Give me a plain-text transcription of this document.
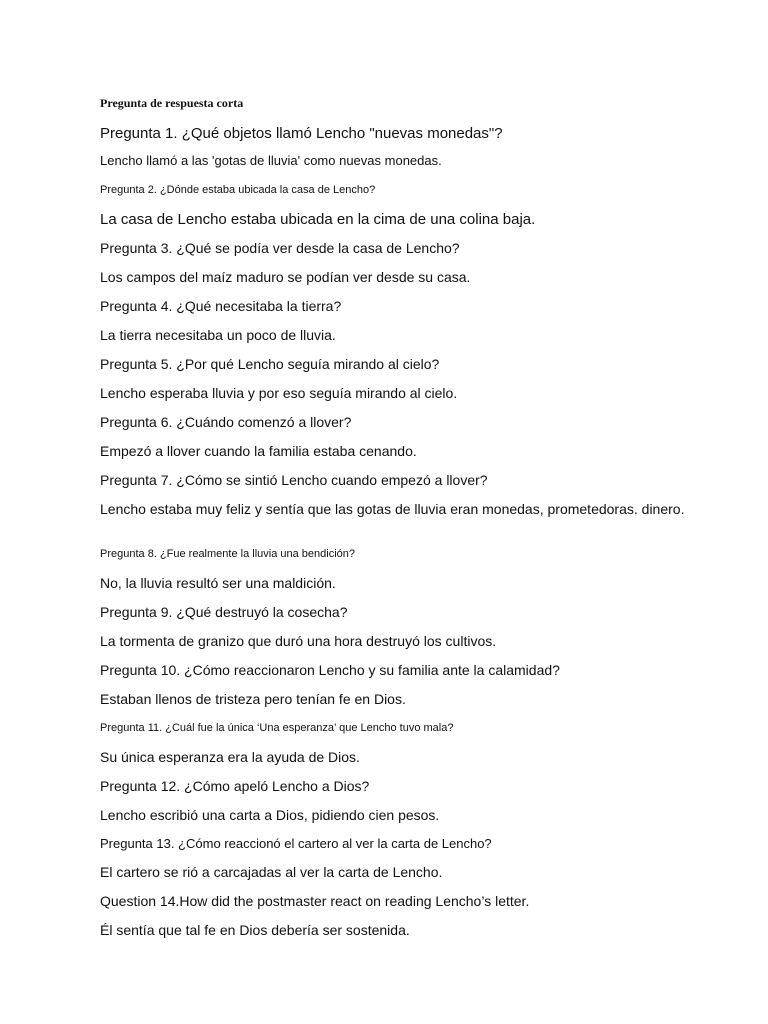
Pregunta de respuesta corta
Pregunta 1. ¿Qué objetos llamó Lencho "nuevas monedas"?
Lencho llamó a las 'gotas de lluvia' como nuevas monedas.
Pregunta 2. ¿Dónde estaba ubicada la casa de Lencho?
La casa de Lencho estaba ubicada en la cima de una colina baja.
Pregunta 3. ¿Qué se podía ver desde la casa de Lencho?
Los campos del maíz maduro se podían ver desde su casa.
Pregunta 4. ¿Qué necesitaba la tierra?
La tierra necesitaba un poco de lluvia.
Pregunta 5. ¿Por qué Lencho seguía mirando al cielo?
Lencho esperaba lluvia y por eso seguía mirando al cielo.
Pregunta 6. ¿Cuándo comenzó a llover?
Empezó a llover cuando la familia estaba cenando.
Pregunta 7. ¿Cómo se sintió Lencho cuando empezó a llover?
Lencho estaba muy feliz y sentía que las gotas de lluvia eran monedas, prometedoras. dinero.
Pregunta 8. ¿Fue realmente la lluvia una bendición?
No, la lluvia resultó ser una maldición.
Pregunta 9. ¿Qué destruyó la cosecha?
La tormenta de granizo que duró una hora destruyó los cultivos.
Pregunta 10. ¿Cómo reaccionaron Lencho y su familia ante la calamidad?
Estaban llenos de tristeza pero tenían fe en Dios.
Pregunta 11. ¿Cuál fue la única ‘Una esperanza’ que Lencho tuvo mala?
Su única esperanza era la ayuda de Dios.
Pregunta 12. ¿Cómo apeló Lencho a Dios?
Lencho escribió una carta a Dios, pidiendo cien pesos.
Pregunta 13. ¿Cómo reaccionó el cartero al ver la carta de Lencho?
El cartero se rió a carcajadas al ver la carta de Lencho.
Question 14.How did the postmaster react on reading Lencho’s letter.
Él sentía que tal fe en Dios debería ser sostenida.
